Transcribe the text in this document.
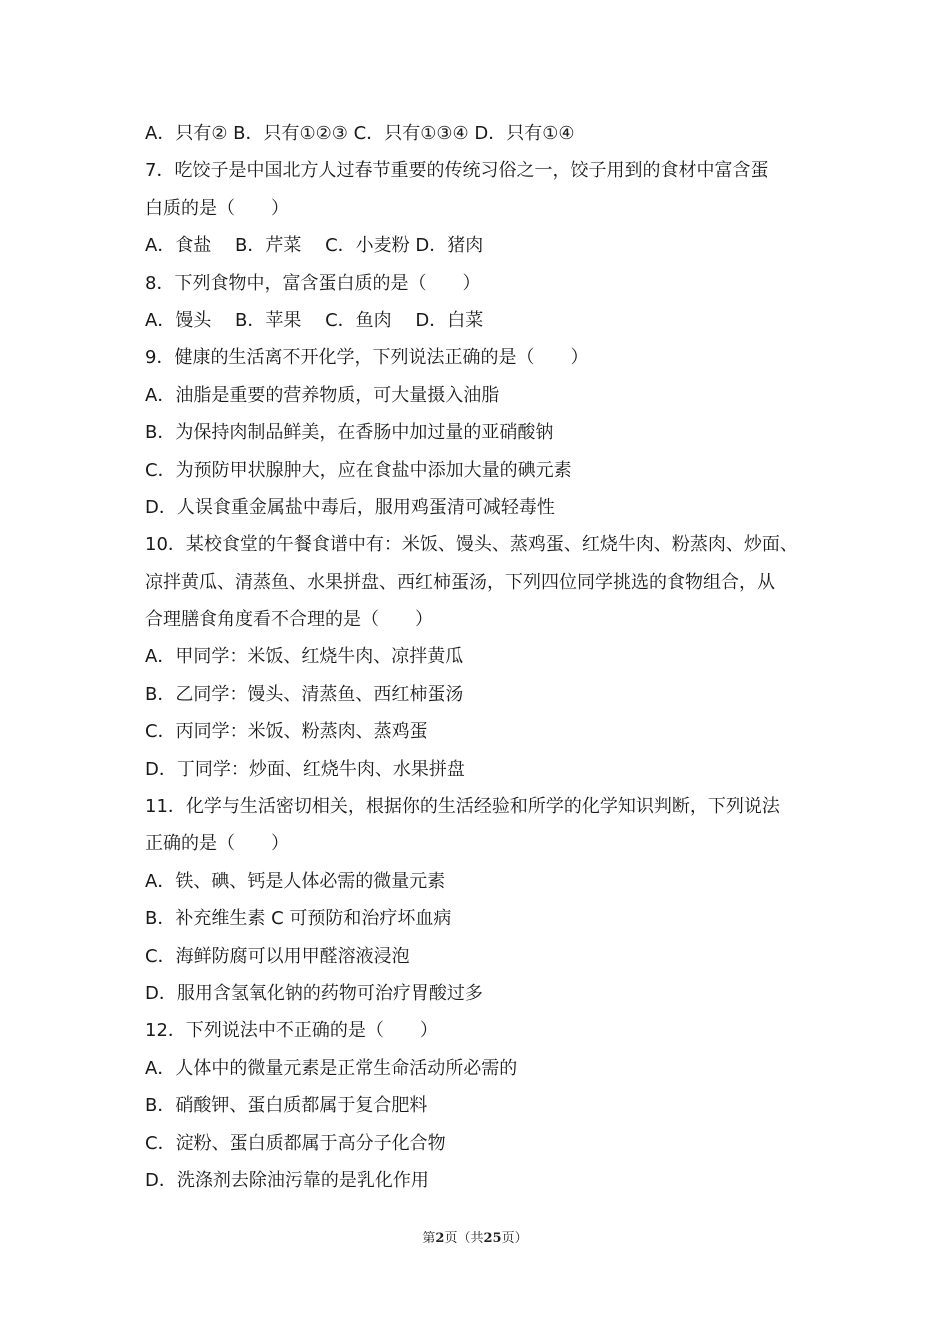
A．只有② B．只有①②③ C．只有①③④ D．只有①④
7．吃饺子是中国北方人过春节重要的传统习俗之一，饺子用到的食材中富含蛋
白质的是（　　）
A．食盐　 B．芹菜　 C．小麦粉 D．猪肉
8．下列食物中，富含蛋白质的是（　　）
A．馒头　 B．苹果　 C．鱼肉　 D．白菜
9．健康的生活离不开化学，下列说法正确的是（　　）
A．油脂是重要的营养物质，可大量摄入油脂
B．为保持肉制品鲜美，在香肠中加过量的亚硝酸钠
C．为预防甲状腺肿大，应在食盐中添加大量的碘元素
D．人误食重金属盐中毒后，服用鸡蛋清可减轻毒性
10．某校食堂的午餐食谱中有：米饭、馒头、蒸鸡蛋、红烧牛肉、粉蒸肉、炒面、
凉拌黄瓜、清蒸鱼、水果拼盘、西红柿蛋汤，下列四位同学挑选的食物组合，从
合理膳食角度看不合理的是（　　）
A．甲同学：米饭、红烧牛肉、凉拌黄瓜
B．乙同学：馒头、清蒸鱼、西红柿蛋汤
C．丙同学：米饭、粉蒸肉、蒸鸡蛋
D．丁同学：炒面、红烧牛肉、水果拼盘
11．化学与生活密切相关，根据你的生活经验和所学的化学知识判断，下列说法
正确的是（　　）
A．铁、碘、钙是人体必需的微量元素
B．补充维生素 C 可预防和治疗坏血病
C．海鲜防腐可以用甲醛溶液浸泡
D．服用含氢氧化钠的药物可治疗胃酸过多
12．下列说法中不正确的是（　　）
A．人体中的微量元素是正常生命活动所必需的
B．硝酸钾、蛋白质都属于复合肥料
C．淀粉、蛋白质都属于高分子化合物
D．洗涤剂去除油污靠的是乳化作用
第2页（共25页）
